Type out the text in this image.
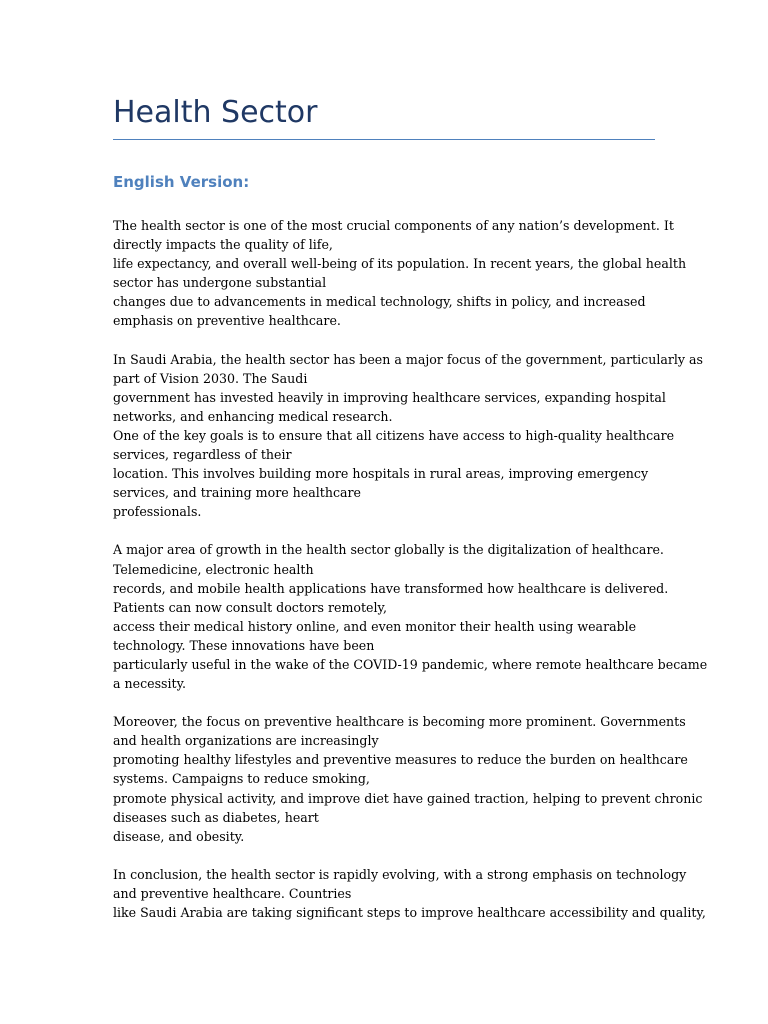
Health Sector
English Version:

The health sector is one of the most crucial components of any nation’s development. It
directly impacts the quality of life,
life expectancy, and overall well-being of its population. In recent years, the global health
sector has undergone substantial
changes due to advancements in medical technology, shifts in policy, and increased
emphasis on preventive healthcare.

In Saudi Arabia, the health sector has been a major focus of the government, particularly as
part of Vision 2030. The Saudi
government has invested heavily in improving healthcare services, expanding hospital
networks, and enhancing medical research.
One of the key goals is to ensure that all citizens have access to high-quality healthcare
services, regardless of their
location. This involves building more hospitals in rural areas, improving emergency
services, and training more healthcare
professionals.

A major area of growth in the health sector globally is the digitalization of healthcare.
Telemedicine, electronic health
records, and mobile health applications have transformed how healthcare is delivered.
Patients can now consult doctors remotely,
access their medical history online, and even monitor their health using wearable
technology. These innovations have been
particularly useful in the wake of the COVID-19 pandemic, where remote healthcare became
a necessity.

Moreover, the focus on preventive healthcare is becoming more prominent. Governments
and health organizations are increasingly
promoting healthy lifestyles and preventive measures to reduce the burden on healthcare
systems. Campaigns to reduce smoking,
promote physical activity, and improve diet have gained traction, helping to prevent chronic
diseases such as diabetes, heart
disease, and obesity.

In conclusion, the health sector is rapidly evolving, with a strong emphasis on technology
and preventive healthcare. Countries
like Saudi Arabia are taking significant steps to improve healthcare accessibility and quality,
